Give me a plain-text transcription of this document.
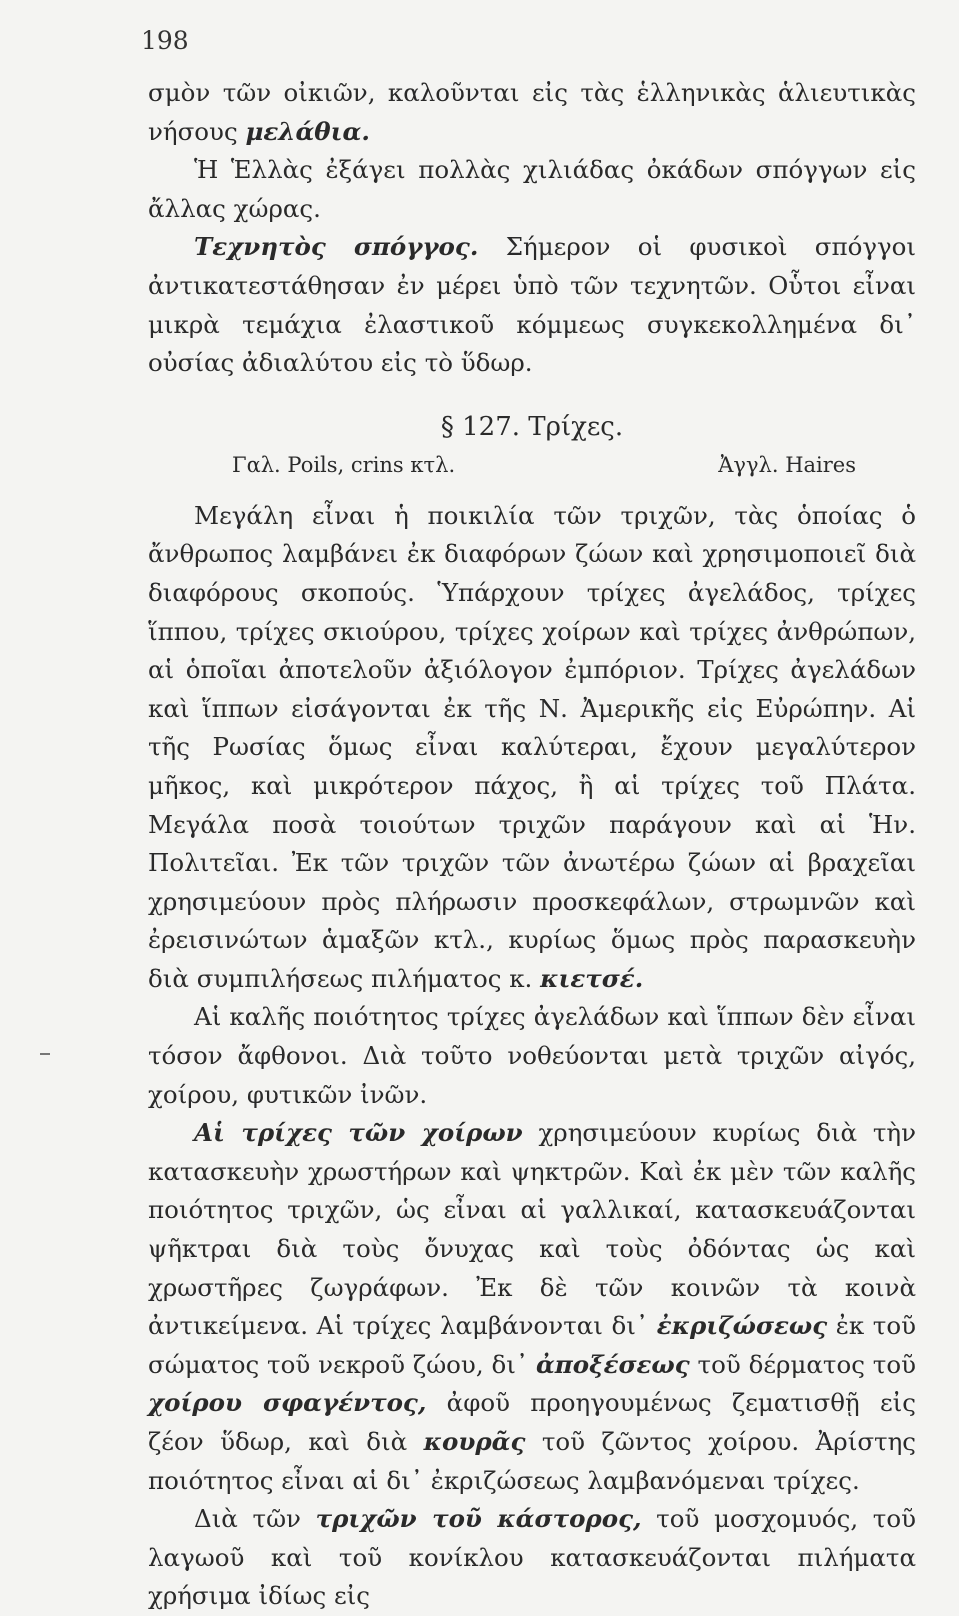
198

σμὸν τῶν οἰκιῶν, καλοῦνται εἰς τὰς ἑλληνικὰς ἁλιευτικὰς νήσους μελάθια.

Ἡ Ἑλλὰς ἐξάγει πολλὰς χιλιάδας ὀκάδων σπόγγων εἰς ἄλλας χώρας.

Τεχνητὸς σπόγγος. Σήμερον οἱ φυσικοὶ σπόγγοι ἀντικατεστάθησαν ἐν μέρει ὑπὸ τῶν τεχνητῶν. Οὗτοι εἶναι μικρὰ τεμάχια ἐλαστικοῦ κόμμεως συγκεκολλημένα δι᾿ οὐσίας ἀδιαλύτου εἰς τὸ ὕδωρ.

§ 127. Τρίχες.
Γαλ. Poils, crins κτλ.	Ἀγγλ. Haires

Μεγάλη εἶναι ἡ ποικιλία τῶν τριχῶν, τὰς ὁποίας ὁ ἄνθρωπος λαμβάνει ἐκ διαφόρων ζώων καὶ χρησιμοποιεῖ διὰ διαφόρους σκοπούς. Ὑπάρχουν τρίχες ἀγελάδος, τρίχες ἵππου, τρίχες σκιούρου, τρίχες χοίρων καὶ τρίχες ἀνθρώπων, αἱ ὁποῖαι ἀποτελοῦν ἀξιόλογον ἐμπόριον. Τρίχες ἀγελάδων καὶ ἵππων εἰσάγονται ἐκ τῆς Ν. Ἀμερικῆς εἰς Εὐρώπην. Αἱ τῆς Ρωσίας ὅμως εἶναι καλύτεραι, ἔχουν μεγαλύτερον μῆκος, καὶ μικρότερον πάχος, ἢ αἱ τρίχες τοῦ Πλάτα. Μεγάλα ποσὰ τοιούτων τριχῶν παράγουν καὶ αἱ Ἡν. Πολιτεῖαι. Ἐκ τῶν τριχῶν τῶν ἀνωτέρω ζώων αἱ βραχεῖαι χρησιμεύουν πρὸς πλήρωσιν προσκεφάλων, στρωμνῶν καὶ ἐρεισινώτων ἁμαξῶν κτλ., κυρίως ὅμως πρὸς παρασκευὴν διὰ συμπιλήσεως πιλήματος κ. κιετσέ.

Αἱ καλῆς ποιότητος τρίχες ἀγελάδων καὶ ἵππων δὲν εἶναι τόσον ἄφθονοι. Διὰ τοῦτο νοθεύονται μετὰ τριχῶν αἰγός, χοίρου, φυτικῶν ἰνῶν.

Αἱ τρίχες τῶν χοίρων χρησιμεύουν κυρίως διὰ τὴν κατασκευὴν χρωστήρων καὶ ψηκτρῶν. Καὶ ἐκ μὲν τῶν καλῆς ποιότητος τριχῶν, ὡς εἶναι αἱ γαλλικαί, κατασκευάζονται ψῆκτραι διὰ τοὺς ὄνυχας καὶ τοὺς ὀδόντας ὡς καὶ χρωστῆρες ζωγράφων. Ἐκ δὲ τῶν κοινῶν τὰ κοινὰ ἀντικείμενα. Αἱ τρίχες λαμβάνονται δι᾿ ἐκριζώσεως ἐκ τοῦ σώματος τοῦ νεκροῦ ζώου, δι᾿ ἀποξέσεως τοῦ δέρματος τοῦ χοίρου σφαγέντος, ἀφοῦ προηγουμένως ζεματισθῇ εἰς ζέον ὕδωρ, καὶ διὰ κουρᾶς τοῦ ζῶντος χοίρου. Ἀρίστης ποιότητος εἶναι αἱ δι᾿ ἐκριζώσεως λαμβανόμεναι τρίχες.

Διὰ τῶν τριχῶν τοῦ κάστορος, τοῦ μοσχομυός, τοῦ λαγωοῦ καὶ τοῦ κονίκλου κατασκευάζονται πιλήματα χρήσιμα ἰδίως εἰς
